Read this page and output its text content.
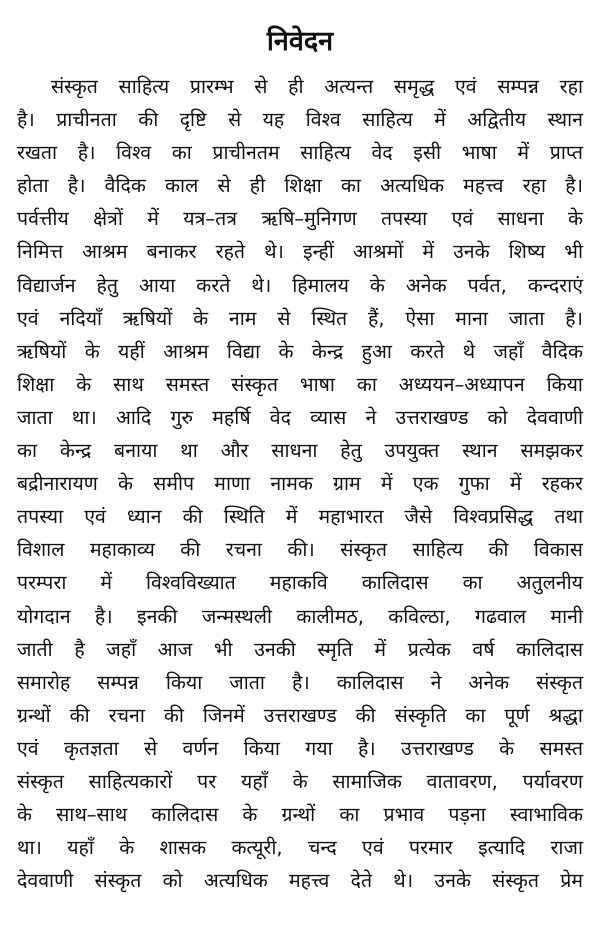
निवेदन
संस्कृत साहित्य प्रारम्भ से ही अत्यन्त समृद्ध एवं सम्पन्न रहा
है। प्राचीनता की दृष्टि से यह विश्व साहित्य में अद्वितीय स्थान
रखता है। विश्व का प्राचीनतम साहित्य वेद इसी भाषा में प्राप्त
होता है। वैदिक काल से ही शिक्षा का अत्यधिक महत्त्व रहा है।
पर्वत्तीय क्षेत्रों में यत्र–तत्र ऋषि–मुनिगण तपस्या एवं साधना के
निमित्त आश्रम बनाकर रहते थे। इन्हीं आश्रमों में उनके शिष्य भी
विद्यार्जन हेतु आया करते थे। हिमालय के अनेक पर्वत, कन्दराएं
एवं नदियाँ ऋषियों के नाम से स्थित हैं, ऐसा माना जाता है।
ऋषियों के यहीं आश्रम विद्या के केन्द्र हुआ करते थे जहाँ वैदिक
शिक्षा के साथ समस्त संस्कृत भाषा का अध्ययन–अध्यापन किया
जाता था। आदि गुरु महर्षि वेद व्यास ने उत्तराखण्ड को देववाणी
का केन्द्र बनाया था और साधना हेतु उपयुक्त स्थान समझकर
बद्रीनारायण के समीप माणा नामक ग्राम में एक गुफा में रहकर
तपस्या एवं ध्यान की स्थिति में महाभारत जैसे विश्वप्रसिद्ध तथा
विशाल महाकाव्य की रचना की। संस्कृत साहित्य की विकास
परम्परा में विश्वविख्यात महाकवि कालिदास का अतुलनीय
योगदान है। इनकी जन्मस्थली कालीमठ, कविल्ठा, गढवाल मानी
जाती है जहाँ आज भी उनकी स्मृति में प्रत्येक वर्ष कालिदास
समारोह सम्पन्न किया जाता है। कालिदास ने अनेक संस्कृत
ग्रन्थों की रचना की जिनमें उत्तराखण्ड की संस्कृति का पूर्ण श्रद्धा
एवं कृतज्ञता से वर्णन किया गया है। उत्तराखण्ड के समस्त
संस्कृत साहित्यकारों पर यहाँ के सामाजिक वातावरण, पर्यावरण
के साथ–साथ कालिदास के ग्रन्थों का प्रभाव पड़ना स्वाभाविक
था। यहाँ के शासक कत्यूरी, चन्द एवं परमार इत्यादि राजा
देववाणी संस्कृत को अत्यधिक महत्त्व देते थे। उनके संस्कृत प्रेम
